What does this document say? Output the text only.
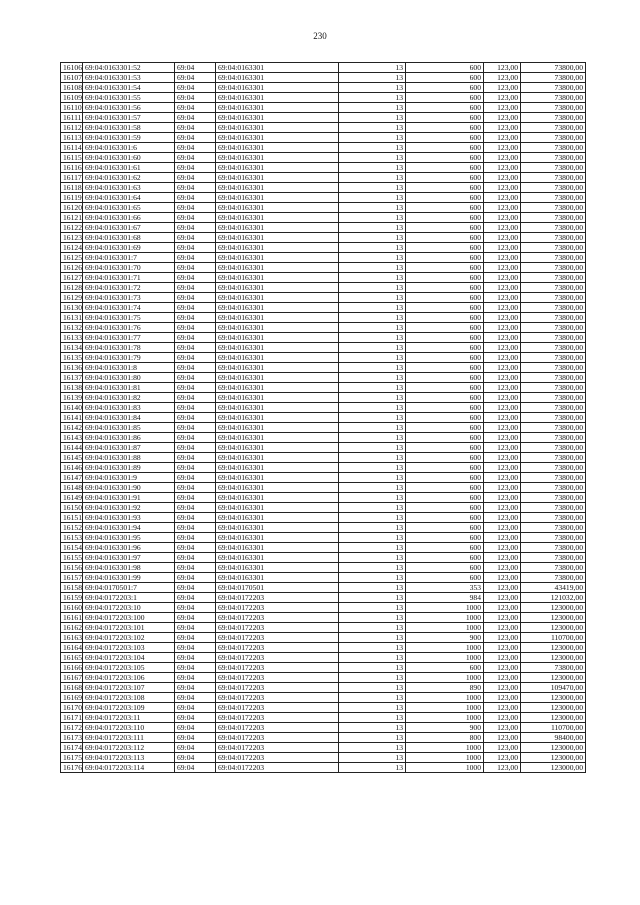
230
16106	69:04:0163301:52	69:04	69:04:0163301	13	600	123,00	73800,00
16107	69:04:0163301:53	69:04	69:04:0163301	13	600	123,00	73800,00
16108	69:04:0163301:54	69:04	69:04:0163301	13	600	123,00	73800,00
16109	69:04:0163301:55	69:04	69:04:0163301	13	600	123,00	73800,00
16110	69:04:0163301:56	69:04	69:04:0163301	13	600	123,00	73800,00
16111	69:04:0163301:57	69:04	69:04:0163301	13	600	123,00	73800,00
16112	69:04:0163301:58	69:04	69:04:0163301	13	600	123,00	73800,00
16113	69:04:0163301:59	69:04	69:04:0163301	13	600	123,00	73800,00
16114	69:04:0163301:6	69:04	69:04:0163301	13	600	123,00	73800,00
16115	69:04:0163301:60	69:04	69:04:0163301	13	600	123,00	73800,00
16116	69:04:0163301:61	69:04	69:04:0163301	13	600	123,00	73800,00
16117	69:04:0163301:62	69:04	69:04:0163301	13	600	123,00	73800,00
16118	69:04:0163301:63	69:04	69:04:0163301	13	600	123,00	73800,00
16119	69:04:0163301:64	69:04	69:04:0163301	13	600	123,00	73800,00
16120	69:04:0163301:65	69:04	69:04:0163301	13	600	123,00	73800,00
16121	69:04:0163301:66	69:04	69:04:0163301	13	600	123,00	73800,00
16122	69:04:0163301:67	69:04	69:04:0163301	13	600	123,00	73800,00
16123	69:04:0163301:68	69:04	69:04:0163301	13	600	123,00	73800,00
16124	69:04:0163301:69	69:04	69:04:0163301	13	600	123,00	73800,00
16125	69:04:0163301:7	69:04	69:04:0163301	13	600	123,00	73800,00
16126	69:04:0163301:70	69:04	69:04:0163301	13	600	123,00	73800,00
16127	69:04:0163301:71	69:04	69:04:0163301	13	600	123,00	73800,00
16128	69:04:0163301:72	69:04	69:04:0163301	13	600	123,00	73800,00
16129	69:04:0163301:73	69:04	69:04:0163301	13	600	123,00	73800,00
16130	69:04:0163301:74	69:04	69:04:0163301	13	600	123,00	73800,00
16131	69:04:0163301:75	69:04	69:04:0163301	13	600	123,00	73800,00
16132	69:04:0163301:76	69:04	69:04:0163301	13	600	123,00	73800,00
16133	69:04:0163301:77	69:04	69:04:0163301	13	600	123,00	73800,00
16134	69:04:0163301:78	69:04	69:04:0163301	13	600	123,00	73800,00
16135	69:04:0163301:79	69:04	69:04:0163301	13	600	123,00	73800,00
16136	69:04:0163301:8	69:04	69:04:0163301	13	600	123,00	73800,00
16137	69:04:0163301:80	69:04	69:04:0163301	13	600	123,00	73800,00
16138	69:04:0163301:81	69:04	69:04:0163301	13	600	123,00	73800,00
16139	69:04:0163301:82	69:04	69:04:0163301	13	600	123,00	73800,00
16140	69:04:0163301:83	69:04	69:04:0163301	13	600	123,00	73800,00
16141	69:04:0163301:84	69:04	69:04:0163301	13	600	123,00	73800,00
16142	69:04:0163301:85	69:04	69:04:0163301	13	600	123,00	73800,00
16143	69:04:0163301:86	69:04	69:04:0163301	13	600	123,00	73800,00
16144	69:04:0163301:87	69:04	69:04:0163301	13	600	123,00	73800,00
16145	69:04:0163301:88	69:04	69:04:0163301	13	600	123,00	73800,00
16146	69:04:0163301:89	69:04	69:04:0163301	13	600	123,00	73800,00
16147	69:04:0163301:9	69:04	69:04:0163301	13	600	123,00	73800,00
16148	69:04:0163301:90	69:04	69:04:0163301	13	600	123,00	73800,00
16149	69:04:0163301:91	69:04	69:04:0163301	13	600	123,00	73800,00
16150	69:04:0163301:92	69:04	69:04:0163301	13	600	123,00	73800,00
16151	69:04:0163301:93	69:04	69:04:0163301	13	600	123,00	73800,00
16152	69:04:0163301:94	69:04	69:04:0163301	13	600	123,00	73800,00
16153	69:04:0163301:95	69:04	69:04:0163301	13	600	123,00	73800,00
16154	69:04:0163301:96	69:04	69:04:0163301	13	600	123,00	73800,00
16155	69:04:0163301:97	69:04	69:04:0163301	13	600	123,00	73800,00
16156	69:04:0163301:98	69:04	69:04:0163301	13	600	123,00	73800,00
16157	69:04:0163301:99	69:04	69:04:0163301	13	600	123,00	73800,00
16158	69:04:0170501:7	69:04	69:04:0170501	13	353	123,00	43419,00
16159	69:04:0172203:1	69:04	69:04:0172203	13	984	123,00	121032,00
16160	69:04:0172203:10	69:04	69:04:0172203	13	1000	123,00	123000,00
16161	69:04:0172203:100	69:04	69:04:0172203	13	1000	123,00	123000,00
16162	69:04:0172203:101	69:04	69:04:0172203	13	1000	123,00	123000,00
16163	69:04:0172203:102	69:04	69:04:0172203	13	900	123,00	110700,00
16164	69:04:0172203:103	69:04	69:04:0172203	13	1000	123,00	123000,00
16165	69:04:0172203:104	69:04	69:04:0172203	13	1000	123,00	123000,00
16166	69:04:0172203:105	69:04	69:04:0172203	13	600	123,00	73800,00
16167	69:04:0172203:106	69:04	69:04:0172203	13	1000	123,00	123000,00
16168	69:04:0172203:107	69:04	69:04:0172203	13	890	123,00	109470,00
16169	69:04:0172203:108	69:04	69:04:0172203	13	1000	123,00	123000,00
16170	69:04:0172203:109	69:04	69:04:0172203	13	1000	123,00	123000,00
16171	69:04:0172203:11	69:04	69:04:0172203	13	1000	123,00	123000,00
16172	69:04:0172203:110	69:04	69:04:0172203	13	900	123,00	110700,00
16173	69:04:0172203:111	69:04	69:04:0172203	13	800	123,00	98400,00
16174	69:04:0172203:112	69:04	69:04:0172203	13	1000	123,00	123000,00
16175	69:04:0172203:113	69:04	69:04:0172203	13	1000	123,00	123000,00
16176	69:04:0172203:114	69:04	69:04:0172203	13	1000	123,00	123000,00
